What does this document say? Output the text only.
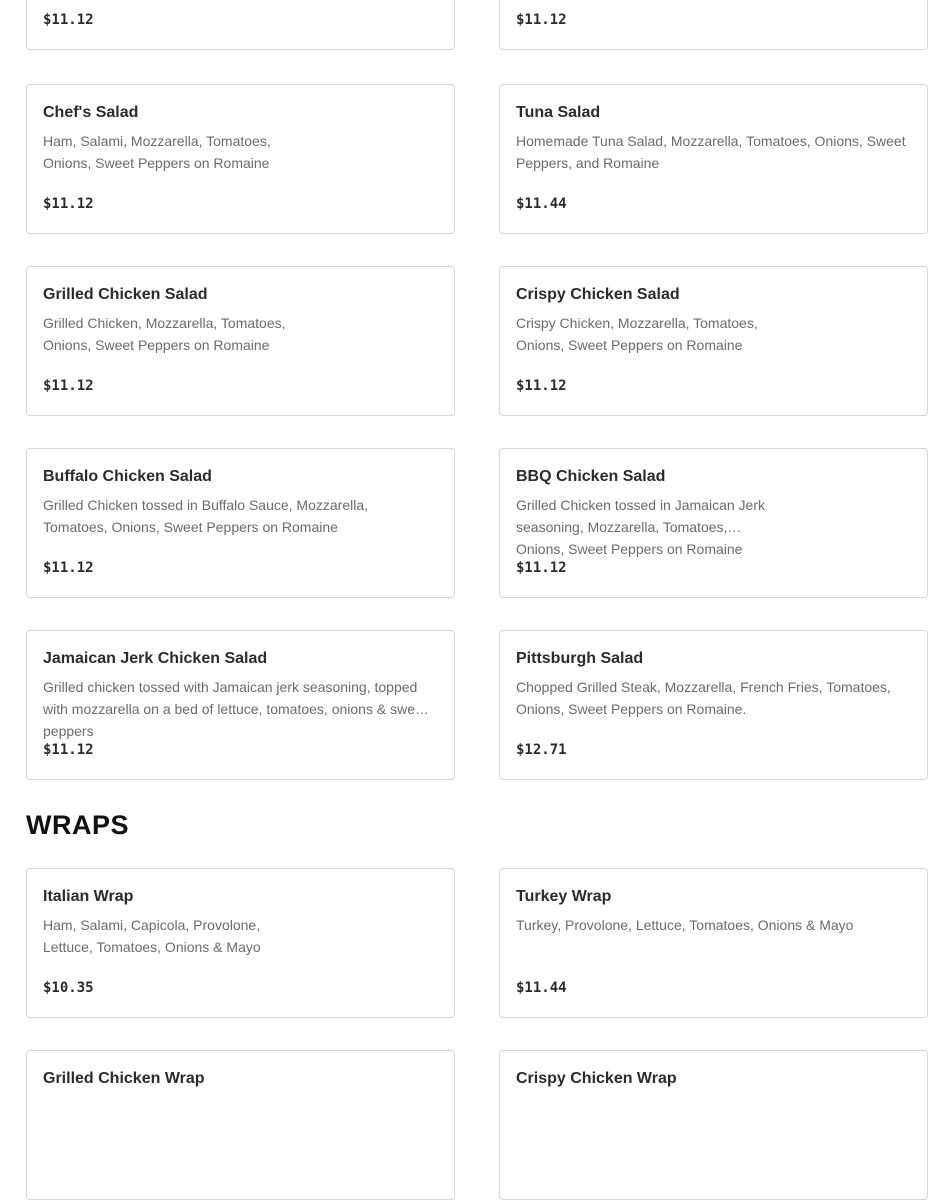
$11.12	$11.12
Chef's Salad
Ham, Salami, Mozzarella, Tomatoes, Onions, Sweet Peppers on Romaine
$11.12
Tuna Salad
Homemade Tuna Salad, Mozzarella, Tomatoes, Onions, Sweet Peppers, and Romaine
$11.44
Grilled Chicken Salad
Grilled Chicken, Mozzarella, Tomatoes, Onions, Sweet Peppers on Romaine
$11.12
Crispy Chicken Salad
Crispy Chicken, Mozzarella, Tomatoes, Onions, Sweet Peppers on Romaine
$11.12
Buffalo Chicken Salad
Grilled Chicken tossed in Buffalo Sauce, Mozzarella, Tomatoes, Onions, Sweet Peppers on Romaine
$11.12
BBQ Chicken Salad
Grilled Chicken tossed in Jamaican Jerk seasoning, Mozzarella, Tomatoes, Onions, Sweet Peppers on Romaine
$11.12
Jamaican Jerk Chicken Salad
Grilled chicken tossed with Jamaican jerk seasoning, topped with mozzarella on a bed of lettuce, tomatoes, onions & sweet peppers
$11.12
Pittsburgh Salad
Chopped Grilled Steak, Mozzarella, French Fries, Tomatoes, Onions, Sweet Peppers on Romaine.
$12.71
WRAPS
Italian Wrap
Ham, Salami, Capicola, Provolone, Lettuce, Tomatoes, Onions & Mayo
$10.35
Turkey Wrap
Turkey, Provolone, Lettuce, Tomatoes, Onions & Mayo
$11.44
Grilled Chicken Wrap	Crispy Chicken Wrap
